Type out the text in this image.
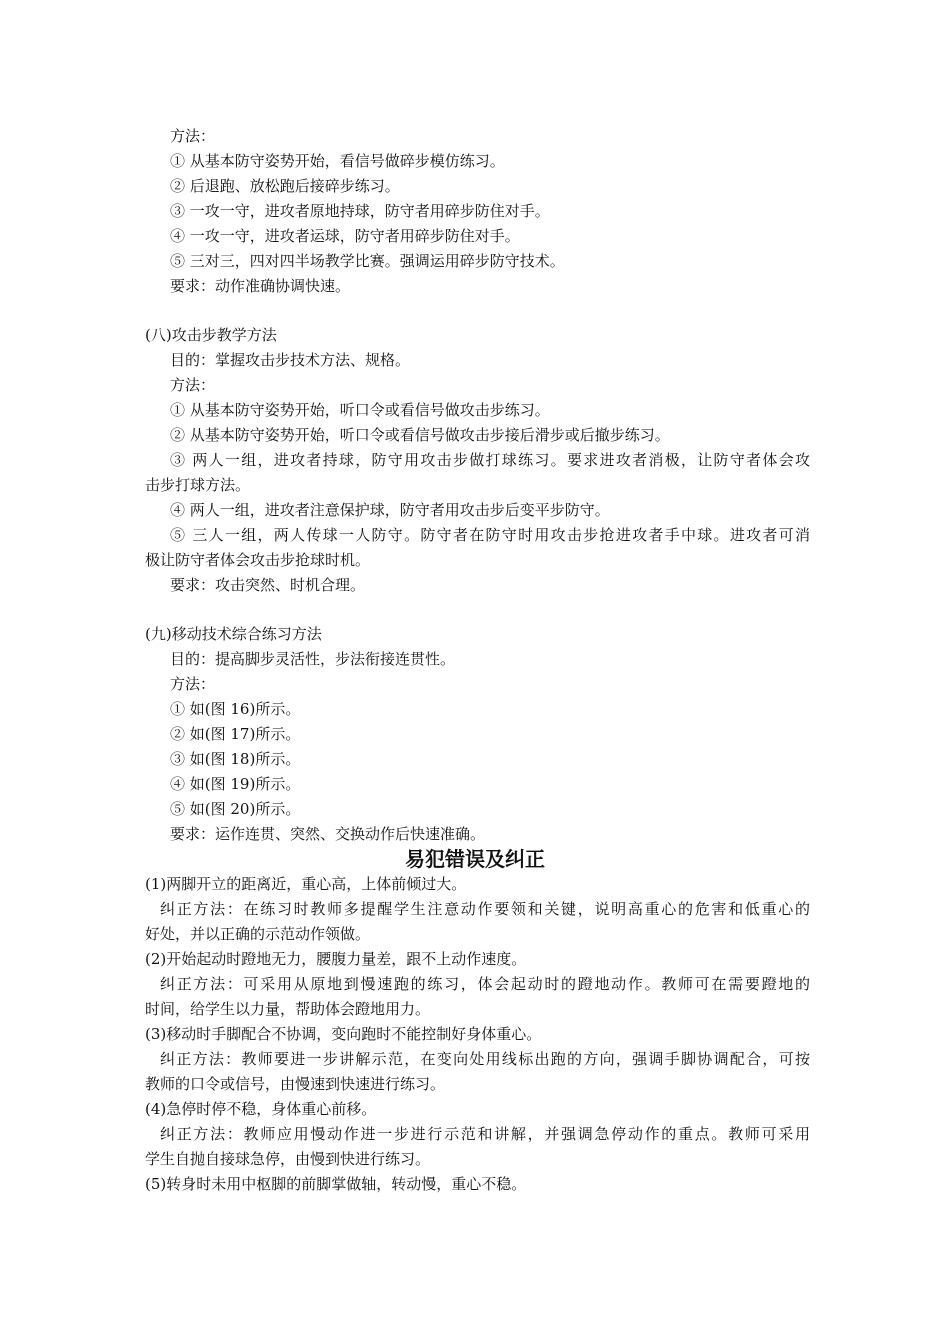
方法：
① 从基本防守姿势开始，看信号做碎步模仿练习。
② 后退跑、放松跑后接碎步练习。
③ 一攻一守，进攻者原地持球，防守者用碎步防住对手。
④ 一攻一守，进攻者运球，防守者用碎步防住对手。
⑤ 三对三，四对四半场教学比赛。强调运用碎步防守技术。
要求：动作准确协调快速。
(八)攻击步教学方法
目的：掌握攻击步技术方法、规格。
方法：
① 从基本防守姿势开始，听口令或看信号做攻击步练习。
② 从基本防守姿势开始，听口令或看信号做攻击步接后滑步或后撤步练习。
③ 两人一组，进攻者持球，防守用攻击步做打球练习。要求进攻者消极，让防守者体会攻
击步打球方法。
④ 两人一组，进攻者注意保护球，防守者用攻击步后变平步防守。
⑤ 三人一组，两人传球一人防守。防守者在防守时用攻击步抢进攻者手中球。进攻者可消
极让防守者体会攻击步抢球时机。
要求：攻击突然、时机合理。
(九)移动技术综合练习方法
目的：提高脚步灵活性，步法衔接连贯性。
方法：
① 如(图 16)所示。
② 如(图 17)所示。
③ 如(图 18)所示。
④ 如(图 19)所示。
⑤ 如(图 20)所示。
要求：运作连贯、突然、交换动作后快速准确。
易犯错误及纠正
(1)两脚开立的距离近，重心高，上体前倾过大。
纠正方法：在练习时教师多提醒学生注意动作要领和关键，说明高重心的危害和低重心的
好处，并以正确的示范动作领做。
(2)开始起动时蹬地无力，腰腹力量差，跟不上动作速度。
纠正方法：可采用从原地到慢速跑的练习，体会起动时的蹬地动作。教师可在需要蹬地的
时间，给学生以力量，帮助体会蹬地用力。
(3)移动时手脚配合不协调，变向跑时不能控制好身体重心。
纠正方法：教师要进一步讲解示范，在变向处用线标出跑的方向，强调手脚协调配合，可按
教师的口令或信号，由慢速到快速进行练习。
(4)急停时停不稳，身体重心前移。
纠正方法：教师应用慢动作进一步进行示范和讲解，并强调急停动作的重点。教师可采用
学生自抛自接球急停，由慢到快进行练习。
(5)转身时未用中枢脚的前脚掌做轴，转动慢，重心不稳。
